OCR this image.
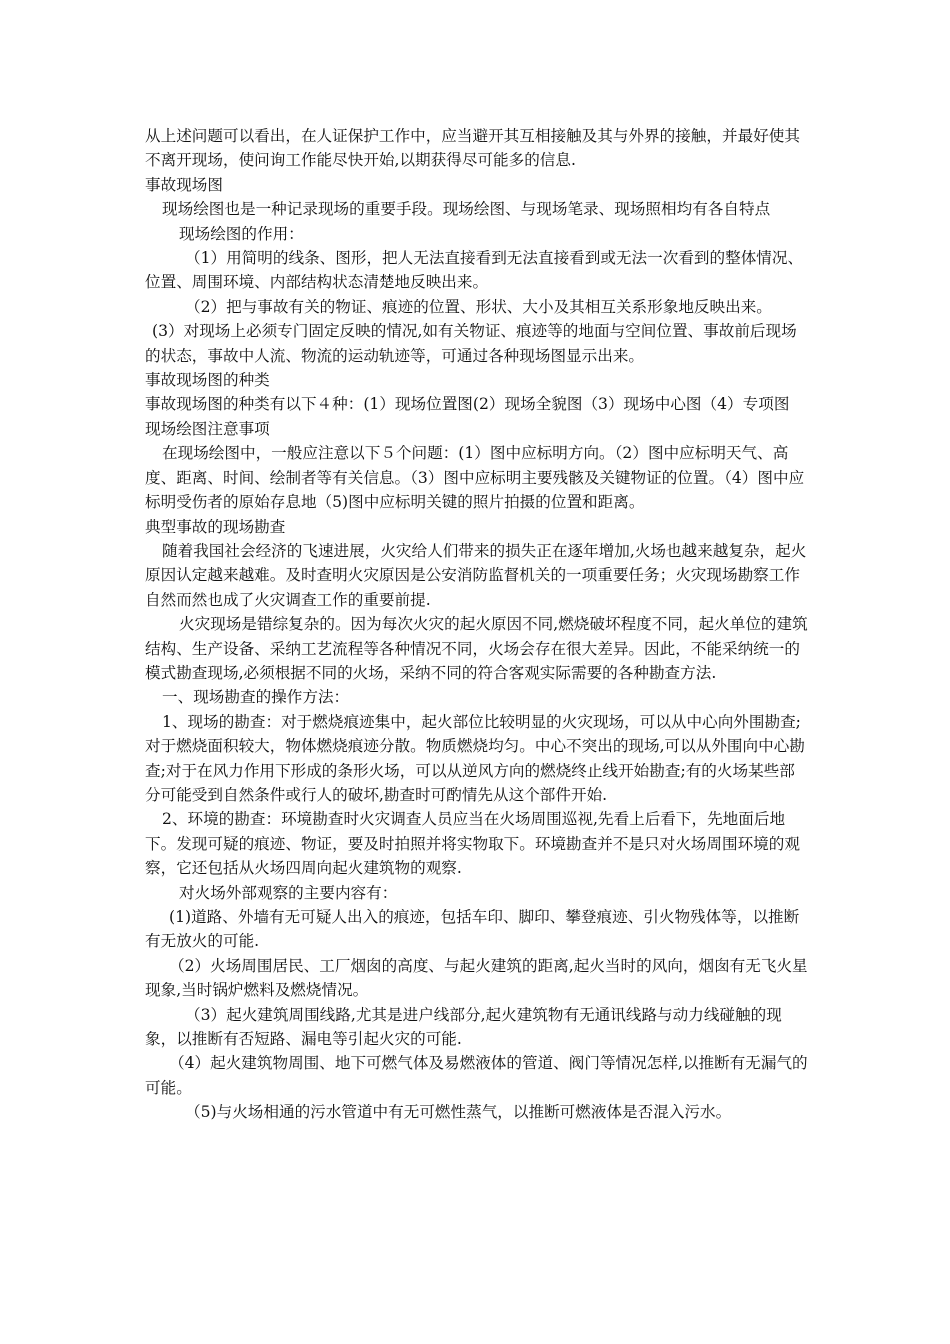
从上述问题可以看出，在人证保护工作中，应当避开其互相接触及其与外界的接触，并最好使其不离开现场，使问询工作能尽快开始,以期获得尽可能多的信息.

事故现场图

现场绘图也是一种记录现场的重要手段。现场绘图、与现场笔录、现场照相均有各自特点

现场绘图的作用：

（1）用简明的线条、图形，把人无法直接看到无法直接看到或无法一次看到的整体情况、位置、周围环境、内部结构状态清楚地反映出来。

（2）把与事故有关的物证、痕迹的位置、形状、大小及其相互关系形象地反映出来。

(3）对现场上必须专门固定反映的情况,如有关物证、痕迹等的地面与空间位置、事故前后现场的状态，事故中人流、物流的运动轨迹等，可通过各种现场图显示出来。

事故现场图的种类

事故现场图的种类有以下４种：(1）现场位置图(2）现场全貌图（3）现场中心图（4）专项图

现场绘图注意事项

在现场绘图中，一般应注意以下５个问题：(1）图中应标明方向。（2）图中应标明天气、高度、距离、时间、绘制者等有关信息。（3）图中应标明主要残骸及关键物证的位置。（4）图中应标明受伤者的原始存息地（5)图中应标明关键的照片拍摄的位置和距离。

典型事故的现场勘查

随着我国社会经济的飞速进展，火灾给人们带来的损失正在逐年增加,火场也越来越复杂，起火原因认定越来越难。及时查明火灾原因是公安消防监督机关的一项重要任务；火灾现场勘察工作自然而然也成了火灾调查工作的重要前提.

火灾现场是错综复杂的。因为每次火灾的起火原因不同,燃烧破坏程度不同，起火单位的建筑结构、生产设备、采纳工艺流程等各种情况不同，火场会存在很大差异。因此，不能采纳统一的模式勘查现场,必须根据不同的火场，采纳不同的符合客观实际需要的各种勘查方法.

一、现场勘查的操作方法：

1、现场的勘查：对于燃烧痕迹集中，起火部位比较明显的火灾现场，可以从中心向外围勘查;对于燃烧面积较大，物体燃烧痕迹分散。物质燃烧均匀。中心不突出的现场,可以从外围向中心勘查;对于在风力作用下形成的条形火场，可以从逆风方向的燃烧终止线开始勘查;有的火场某些部分可能受到自然条件或行人的破坏,勘查时可酌情先从这个部件开始.

2、环境的勘查：环境勘查时火灾调查人员应当在火场周围巡视,先看上后看下，先地面后地下。发现可疑的痕迹、物证，要及时拍照并将实物取下。环境勘查并不是只对火场周围环境的观察，它还包括从火场四周向起火建筑物的观察.

对火场外部观察的主要内容有：

(1)道路、外墙有无可疑人出入的痕迹，包括车印、脚印、攀登痕迹、引火物残体等，以推断有无放火的可能.

（2）火场周围居民、工厂烟囱的高度、与起火建筑的距离,起火当时的风向，烟囱有无飞火星现象,当时锅炉燃料及燃烧情况。

（3）起火建筑周围线路,尤其是进户线部分,起火建筑物有无通讯线路与动力线碰触的现象，以推断有否短路、漏电等引起火灾的可能.

（4）起火建筑物周围、地下可燃气体及易燃液体的管道、阀门等情况怎样,以推断有无漏气的可能。

（5)与火场相通的污水管道中有无可燃性蒸气，以推断可燃液体是否混入污水。
